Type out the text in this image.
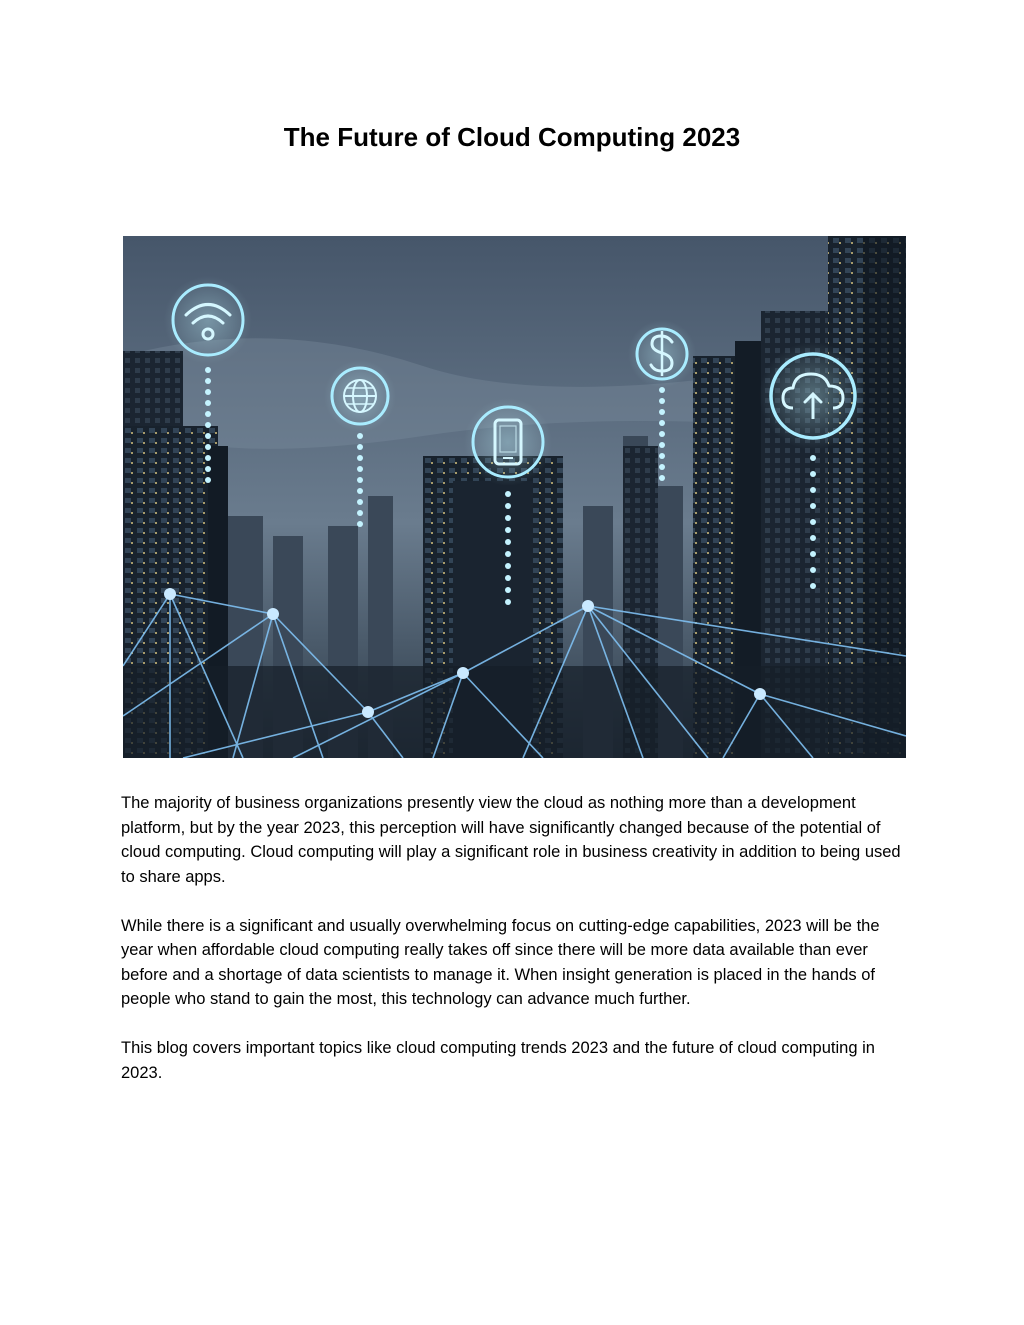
The Future of Cloud Computing 2023

The majority of business organizations presently view the cloud as nothing more than a development platform, but by the year 2023, this perception will have significantly changed because of the potential of cloud computing. Cloud computing will play a significant role in business creativity in addition to being used to share apps.

While there is a significant and usually overwhelming focus on cutting-edge capabilities, 2023 will be the year when affordable cloud computing really takes off since there will be more data available than ever before and a shortage of data scientists to manage it. When insight generation is placed in the hands of people who stand to gain the most, this technology can advance much further.

This blog covers important topics like cloud computing trends 2023 and the future of cloud computing in 2023.
